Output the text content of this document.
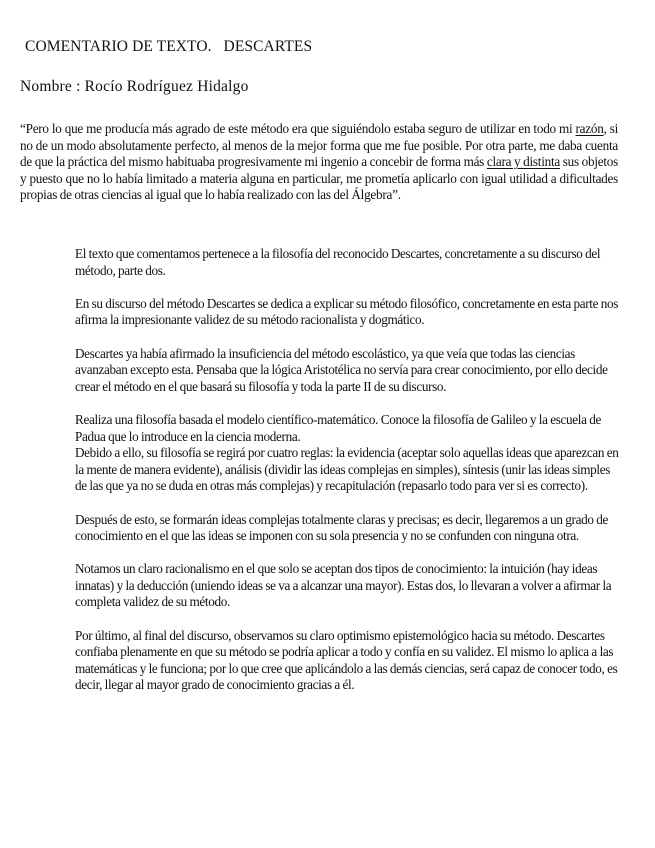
COMENTARIO DE TEXTO.   DESCARTES
Nombre : Rocío Rodríguez Hidalgo

“Pero lo que me producía más agrado de este método era que siguiéndolo estaba seguro de utilizar en todo mi razón, si no de un modo absolutamente perfecto, al menos de la mejor forma que me fue posible. Por otra parte, me daba cuenta de que la práctica del mismo habituaba progresivamente mi ingenio a concebir de forma más clara y distinta sus objetos y puesto que no lo había limitado a materia alguna en particular, me prometía aplicarlo con igual utilidad a dificultades propias de otras ciencias al igual que lo había realizado con las del Álgebra”.

El texto que comentamos pertenece a la filosofía del reconocido Descartes, concretamente a su discurso del método, parte dos.

En su discurso del método Descartes se dedica a explicar su método filosófico, concretamente en esta parte nos afirma la impresionante validez de su método racionalista y dogmático.

Descartes ya había afirmado la insuficiencia del método escolástico, ya que veía que todas las ciencias avanzaban excepto esta. Pensaba que la lógica Aristotélica no servía para crear conocimiento, por ello decide crear el método en el que basará su filosofía y toda la parte II de su discurso.

Realiza una filosofía basada el modelo científico-matemático. Conoce la filosofía de Galileo y la escuela de Padua que lo introduce en la ciencia moderna.

Debido a ello, su filosofía se regirá por cuatro reglas: la evidencia (aceptar solo aquellas ideas que aparezcan en la mente de manera evidente), análisis (dividir las ideas complejas en simples), síntesis (unir las ideas simples de las que ya no se duda en otras más complejas) y recapitulación (repasarlo todo para ver si es correcto).

Después de esto, se formarán ideas complejas totalmente claras y precisas; es decir, llegaremos a un grado de conocimiento en el que las ideas se imponen con su sola presencia y no se confunden con ninguna otra.

Notamos un claro racionalismo en el que solo se aceptan dos tipos de conocimiento: la intuición (hay ideas innatas) y la deducción (uniendo ideas se va a alcanzar una mayor). Estas dos, lo llevaran a volver a afirmar la completa validez de su método.

Por último, al final del discurso, observamos su claro optimismo epistemológico hacia su método. Descartes confiaba plenamente en que su método se podría aplicar a todo y confía en su validez. El mismo lo aplica a las matemáticas y le funciona; por lo que cree que aplicándolo a las demás ciencias, será capaz de conocer todo, es decir, llegar al mayor grado de conocimiento gracias a él.
